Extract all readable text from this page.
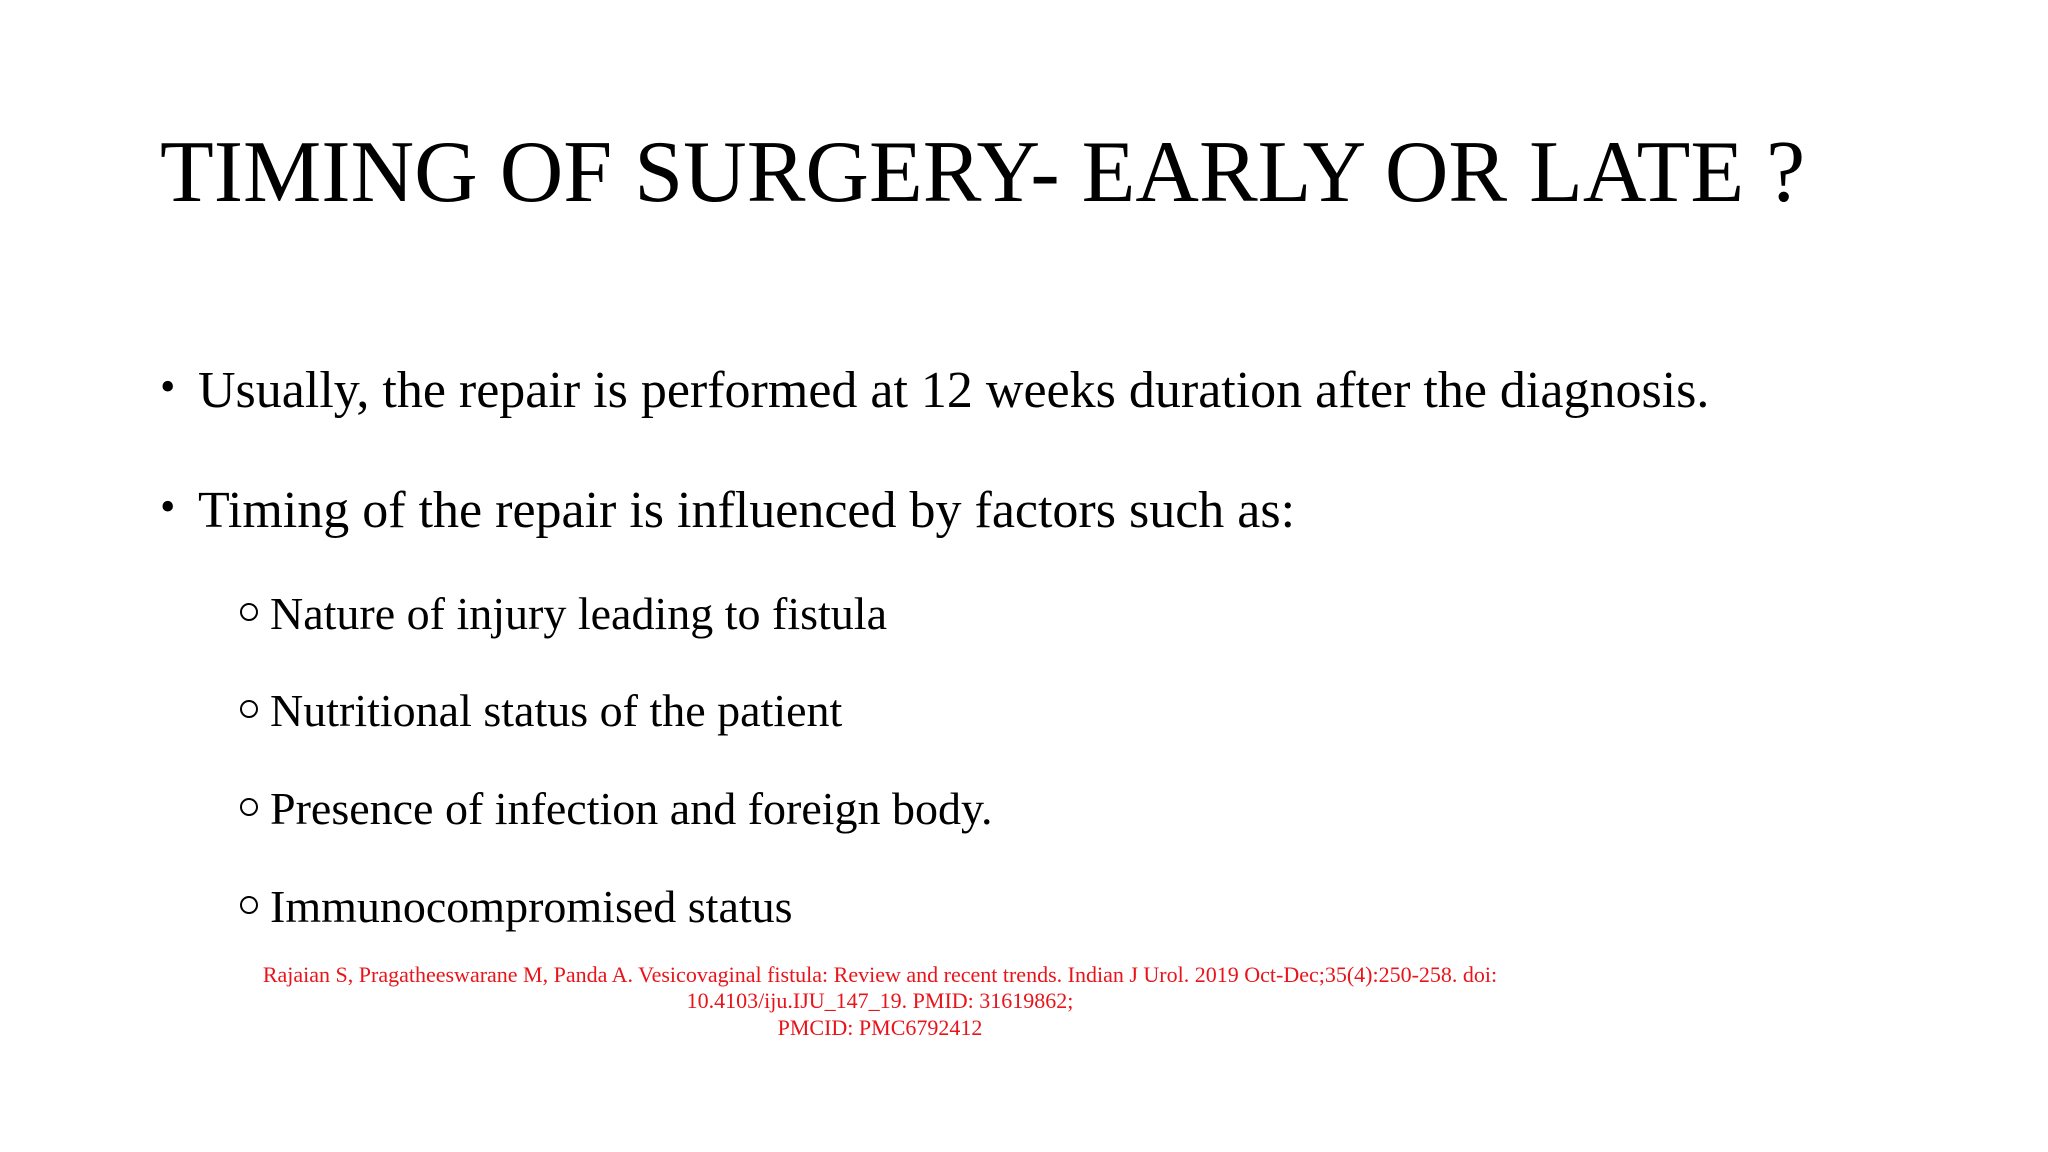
TIMING OF SURGERY- EARLY OR LATE ?
• Usually, the repair is performed at 12 weeks duration after the diagnosis.
• Timing of the repair is influenced by factors such as:
Nature of injury leading to fistula
Nutritional status of the patient
Presence of infection and foreign body.
Immunocompromised status

Rajaian S, Pragatheeswarane M, Panda A. Vesicovaginal fistula: Review and recent trends. Indian J Urol. 2019 Oct-Dec;35(4):250-258. doi: 10.4103/iju.IJU_147_19. PMID: 31619862;
PMCID: PMC6792412
